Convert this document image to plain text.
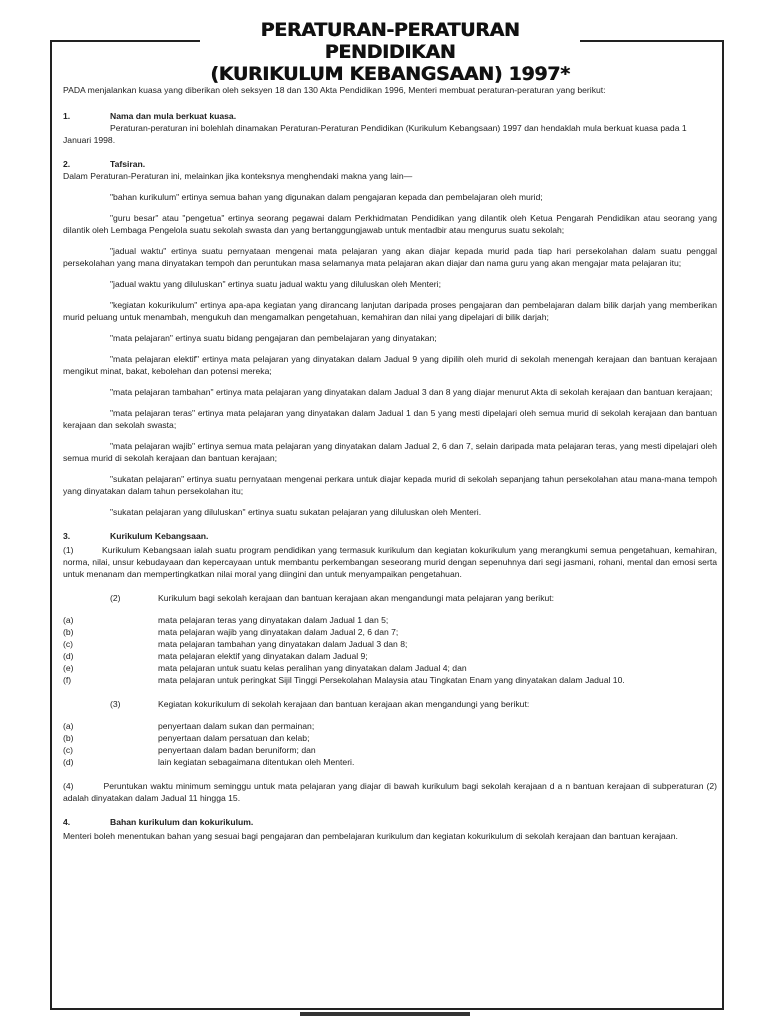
PERATURAN-PERATURAN PENDIDIKAN
(KURIKULUM KEBANGSAAN) 1997*

PADA menjalankan kuasa yang diberikan oleh seksyen 18 dan 130 Akta Pendidikan 1996, Menteri membuat peraturan-peraturan yang berikut:

1.	Nama dan mula berkuat kuasa.

Peraturan-peraturan ini bolehlah dinamakan Peraturan-Peraturan Pendidikan (Kurikulum Kebangsaan) 1997 dan hendaklah mula berkuat kuasa pada 1 Januari 1998.

2.	Tafsiran.

Dalam Peraturan-Peraturan ini, melainkan jika konteksnya menghendaki makna yang lain—

"bahan kurikulum" ertinya semua bahan yang digunakan dalam pengajaran kepada dan pembelajaran oleh murid;

"guru besar" atau "pengetua" ertinya seorang pegawai dalam Perkhidmatan Pendidikan yang dilantik oleh Ketua Pengarah Pendidikan atau seorang yang dilantik oleh Lembaga Pengelola suatu sekolah swasta dan yang bertanggungjawab untuk mentadbir atau mengurus suatu sekolah;

"jadual waktu" ertinya suatu pernyataan mengenai mata pelajaran yang akan diajar kepada murid pada tiap hari persekolahan dalam suatu penggal persekolahan yang mana dinyatakan tempoh dan peruntukan masa selamanya mata pelajaran akan diajar dan nama guru yang akan mengajar mata pelajaran itu;

"jadual waktu yang diluluskan" ertinya suatu jadual waktu yang diluluskan oleh Menteri;

"kegiatan kokurikulum" ertinya apa-apa kegiatan yang dirancang lanjutan daripada proses pengajaran dan pembelajaran dalam bilik darjah yang memberikan murid peluang untuk menambah, mengukuh dan mengamalkan pengetahuan, kemahiran dan nilai yang dipelajari di bilik darjah;

"mata pelajaran" ertinya suatu bidang pengajaran dan pembelajaran yang dinyatakan;

"mata pelajaran elektif" ertinya mata pelajaran yang dinyatakan dalam Jadual 9 yang dipilih oleh murid di sekolah menengah kerajaan dan bantuan kerajaan mengikut minat, bakat, kebolehan dan potensi mereka;

"mata pelajaran tambahan" ertinya mata pelajaran yang dinyatakan dalam Jadual 3 dan 8 yang diajar menurut Akta di sekolah kerajaan dan bantuan kerajaan;

"mata pelajaran teras" ertinya mata pelajaran yang dinyatakan dalam Jadual 1 dan 5 yang mesti dipelajari oleh semua murid di sekolah kerajaan dan bantuan kerajaan dan sekolah swasta;

"mata pelajaran wajib" ertinya semua mata pelajaran yang dinyatakan dalam Jadual 2, 6 dan 7, selain daripada mata pelajaran teras, yang mesti dipelajari oleh semua murid di sekolah kerajaan dan bantuan kerajaan;

"sukatan pelajaran" ertinya suatu pernyataan mengenai perkara untuk diajar kepada murid di sekolah sepanjang tahun persekolahan atau mana-mana tempoh yang dinyatakan dalam tahun persekolahan itu;

"sukatan pelajaran yang diluluskan" ertinya suatu sukatan pelajaran yang diluluskan oleh Menteri.

3.	Kurikulum Kebangsaan.

(1)	Kurikulum Kebangsaan ialah suatu program pendidikan yang termasuk kurikulum dan kegiatan kokurikulum yang merangkumi semua pengetahuan, kemahiran, norma, nilai, unsur kebudayaan dan kepercayaan untuk membantu perkembangan seseorang murid dengan sepenuhnya dari segi jasmani, rohani, mental dan emosi serta untuk menanam dan mempertingkatkan nilai moral yang diingini dan untuk menyampaikan pengetahuan.

(2)	Kurikulum bagi sekolah kerajaan dan bantuan kerajaan akan mengandungi mata pelajaran yang berikut:
(a)	mata pelajaran teras yang dinyatakan dalam Jadual 1 dan 5;
(b)	mata pelajaran wajib yang dinyatakan dalam Jadual 2, 6 dan 7;
(c)	mata pelajaran tambahan yang dinyatakan dalam Jadual 3 dan 8;
(d)	mata pelajaran elektif yang dinyatakan dalam Jadual 9;
(e)	mata pelajaran untuk suatu kelas peralihan yang dinyatakan dalam Jadual 4; dan
(f)	mata pelajaran untuk peringkat Sijil Tinggi Persekolahan Malaysia atau Tingkatan Enam yang dinyatakan dalam Jadual 10.
(3)	Kegiatan kokurikulum di sekolah kerajaan dan bantuan kerajaan akan mengandungi yang berikut:
(a)	penyertaan dalam sukan dan permainan;
(b)	penyertaan dalam persatuan dan kelab;
(c)	penyertaan dalam badan beruniform; dan
(d)	lain kegiatan sebagaimana ditentukan oleh Menteri.

(4)	Peruntukan waktu minimum seminggu untuk mata pelajaran yang diajar di bawah kurikulum bagi sekolah kerajaan d a n bantuan kerajaan di subperaturan (2) adalah dinyatakan dalam Jadual 11 hingga 15.

4.	Bahan kurikulum dan kokurikulum.

Menteri boleh menentukan bahan yang sesuai bagi pengajaran dan pembelajaran kurikulum dan kegiatan kokurikulum di sekolah kerajaan dan bantuan kerajaan.
